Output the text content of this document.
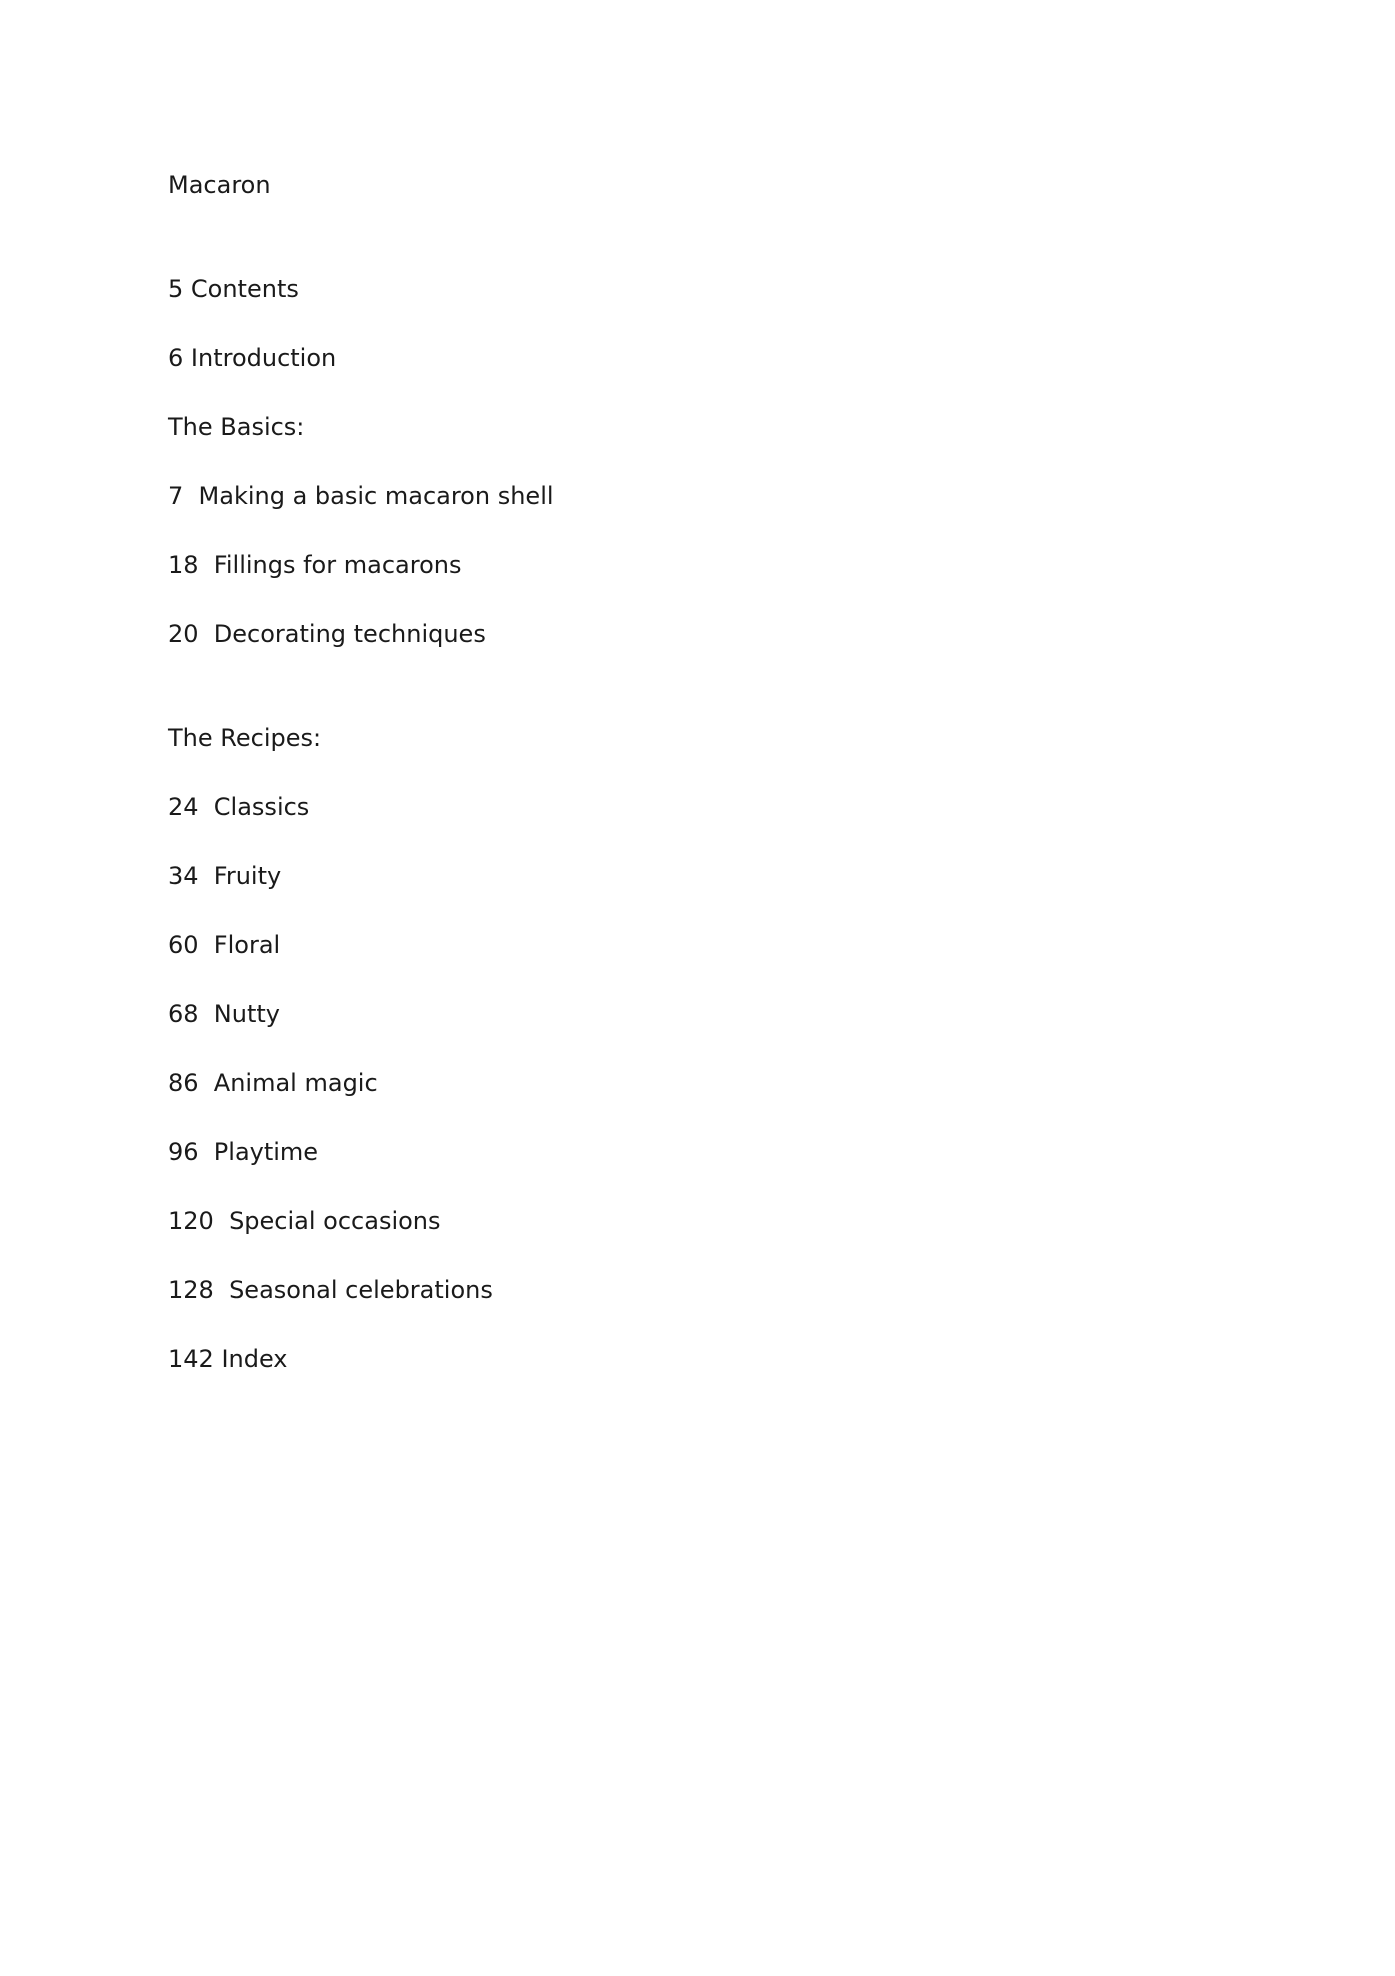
Macaron
5 Contents
6 Introduction
The Basics:
7  Making a basic macaron shell
18  Fillings for macarons
20  Decorating techniques
The Recipes:
24  Classics
34  Fruity
60  Floral
68  Nutty
86  Animal magic
96  Playtime
120  Special occasions
128  Seasonal celebrations
142 Index
